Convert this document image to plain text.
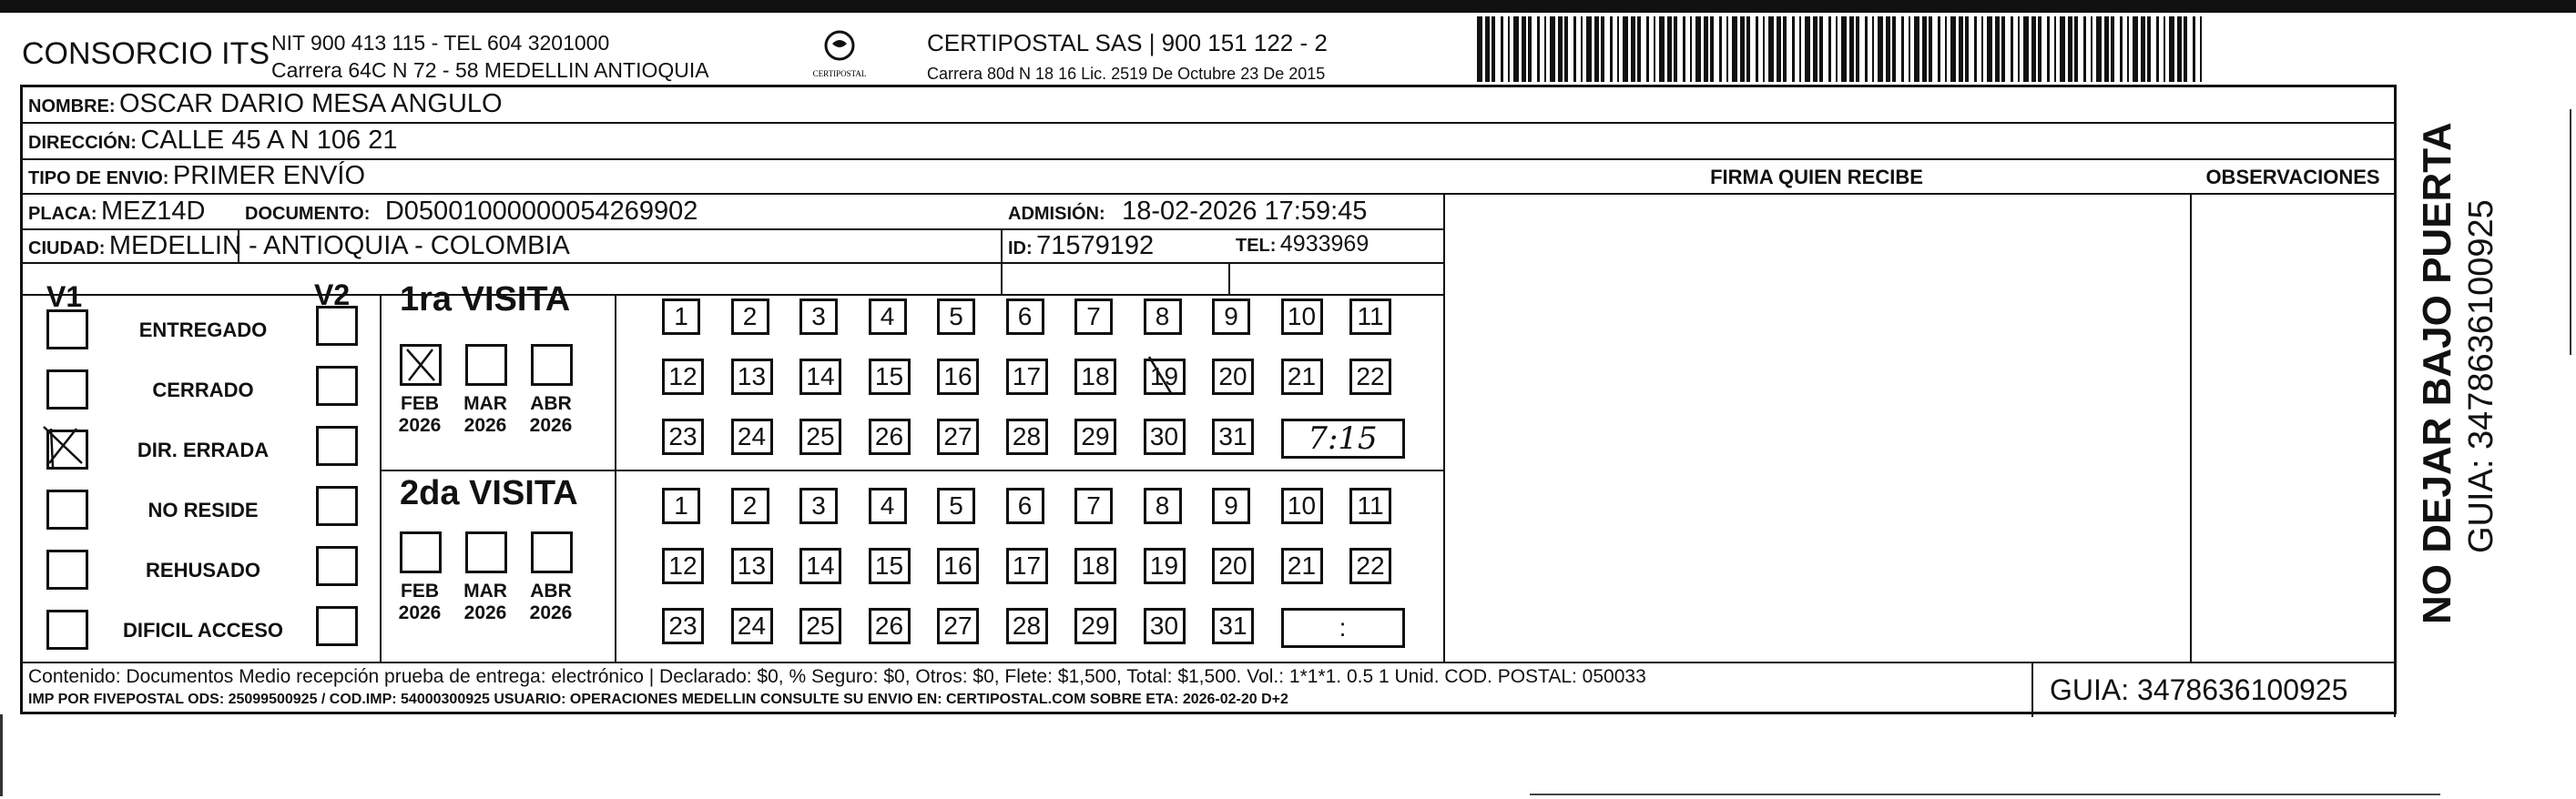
CONSORCIO ITS NIT 900 413 115 - TEL 604 3201000
Carrera 64C N 72 - 58 MEDELLIN ANTIOQUIA	CERTIPOSTAL
CERTIPOSTAL SAS | 900 151 122 - 2
Carrera 80d N 18 16 Lic. 2519 De Octubre 23 De 2015
NOMBRE: OSCAR DARIO MESA ANGULO
DIRECCIÓN: CALLE 45 A N 106 21
TIPO DE ENVIO: PRIMER ENVÍO	FIRMA QUIEN RECIBE	OBSERVACIONES
PLACA: MEZ14D DOCUMENTO: D05001000000054269902	ADMISIÓN: 18-02-2026 17:59:45
CIUDAD: MEDELLIN - ANTIOQUIA - COLOMBIA	ID: 71579192	TEL: 4933969
V1	V2
ENTREGADO
CERRADO
DIR. ERRADA
NO RESIDE
REHUSADO
DIFICIL ACCESO
1ra VISITA
2da VISITA
FEB
2026
MAR
2026
ABR
2026
1	2	3	4	5	6	7	8	9	10	11
12 13 14 15 16 17 18 19 20 21 22
23 24 25 26 27 28 29 30 31 7:15
FEB
2026
MAR
2026
ABR
2026
1	2	3	4	5	6	7	8	9	10	11
12 13 14 15 16 17 18 19 20 21 22
23 24 25 26 27 28 29 30 31	:
Contenido: Documentos Medio recepción prueba de entrega: electrónico | Declarado: $0, % Seguro: $0, Otros: $0, Flete: $1,500, Total: $1,500. Vol.: 1*1*1. 0.5 1 Unid. COD. POSTAL: 050033
IMP POR FIVEPOSTAL ODS: 25099500925 / COD.IMP: 54000300925 USUARIO: OPERACIONES MEDELLIN CONSULTE SU ENVIO EN: CERTIPOSTAL.COM SOBRE ETA: 2026-02-20 D+2	GUIA: 3478636100925
NO DEJAR BAJO PUERTA GUIA: 3478636100925
